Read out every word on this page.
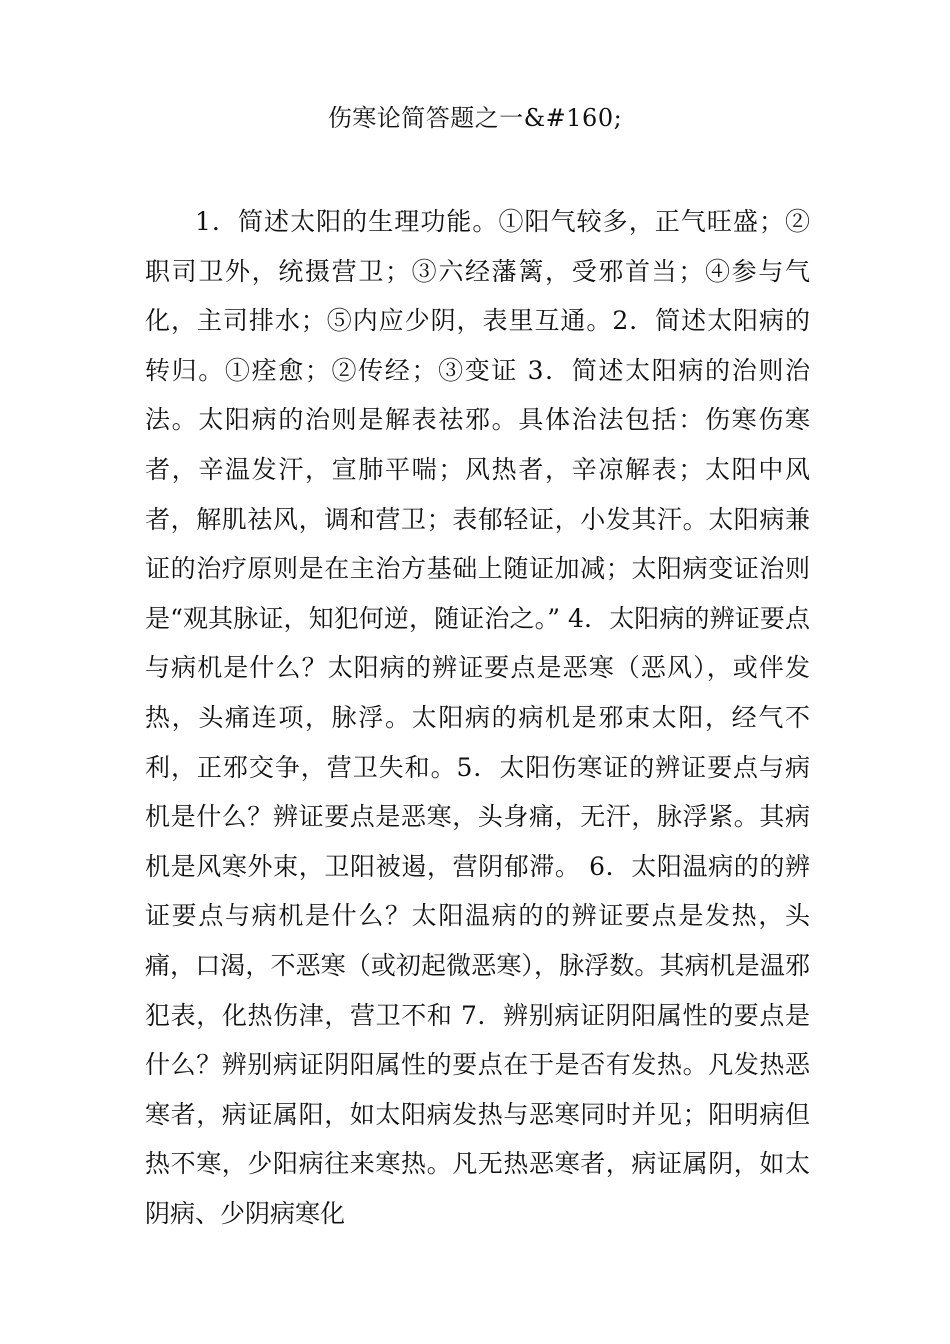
伤寒论简答题之一&#160;

1．简述太阳的生理功能。①阳气较多，正气旺盛；②职司卫外，统摄营卫；③六经藩篱，受邪首当；④参与气化，主司排水；⑤内应少阴，表里互通。2．简述太阳病的转归。①痊愈；②传经；③变证 3．简述太阳病的治则治法。太阳病的治则是解表祛邪。具体治法包括：伤寒伤寒者，辛温发汗，宣肺平喘；风热者，辛凉解表；太阳中风者，解肌祛风，调和营卫；表郁轻证，小发其汗。太阳病兼证的治疗原则是在主治方基础上随证加减；太阳病变证治则是“观其脉证，知犯何逆，随证治之。” 4．太阳病的辨证要点与病机是什么？太阳病的辨证要点是恶寒（恶风），或伴发热，头痛连项，脉浮。太阳病的病机是邪束太阳，经气不利，正邪交争，营卫失和。5．太阳伤寒证的辨证要点与病机是什么？辨证要点是恶寒，头身痛，无汗，脉浮紧。其病机是风寒外束，卫阳被遏，营阴郁滞。 6．太阳温病的的辨证要点与病机是什么？太阳温病的的辨证要点是发热，头痛，口渴，不恶寒（或初起微恶寒），脉浮数。其病机是温邪犯表，化热伤津，营卫不和 7．辨别病证阴阳属性的要点是什么？辨别病证阴阳属性的要点在于是否有发热。凡发热恶寒者，病证属阳，如太阳病发热与恶寒同时并见；阳明病但热不寒，少阳病往来寒热。凡无热恶寒者，病证属阴，如太阴病、少阴病寒化
